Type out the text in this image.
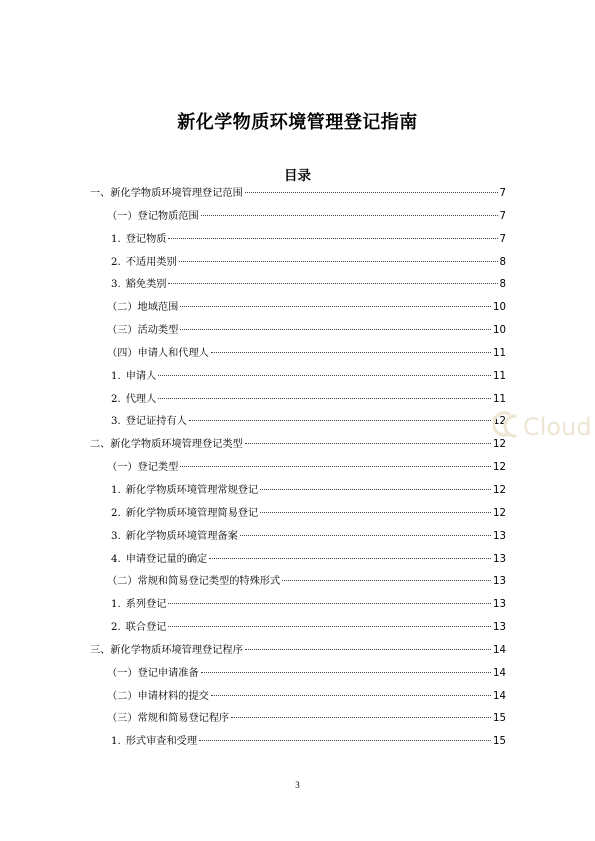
新化学物质环境管理登记指南
目录
一、新化学物质环境管理登记范围	7
（一）登记物质范围	7
1. 登记物质	7
2. 不适用类别	8
3. 豁免类别	8
（二）地域范围	10
（三）活动类型	10
（四）申请人和代理人	11
1. 申请人	11
2. 代理人	11
3. 登记证持有人	12
二、新化学物质环境管理登记类型	12
（一）登记类型	12
1. 新化学物质环境管理常规登记	12
2. 新化学物质环境管理简易登记	12
3. 新化学物质环境管理备案	13
4. 申请登记量的确定	13
（二）常规和简易登记类型的特殊形式	13
1. 系列登记	13
2. 联合登记	13
三、新化学物质环境管理登记程序	14
（一）登记申请准备	14
（二）申请材料的提交	14
（三）常规和简易登记程序	15
1. 形式审查和受理	15
Cloud
3
